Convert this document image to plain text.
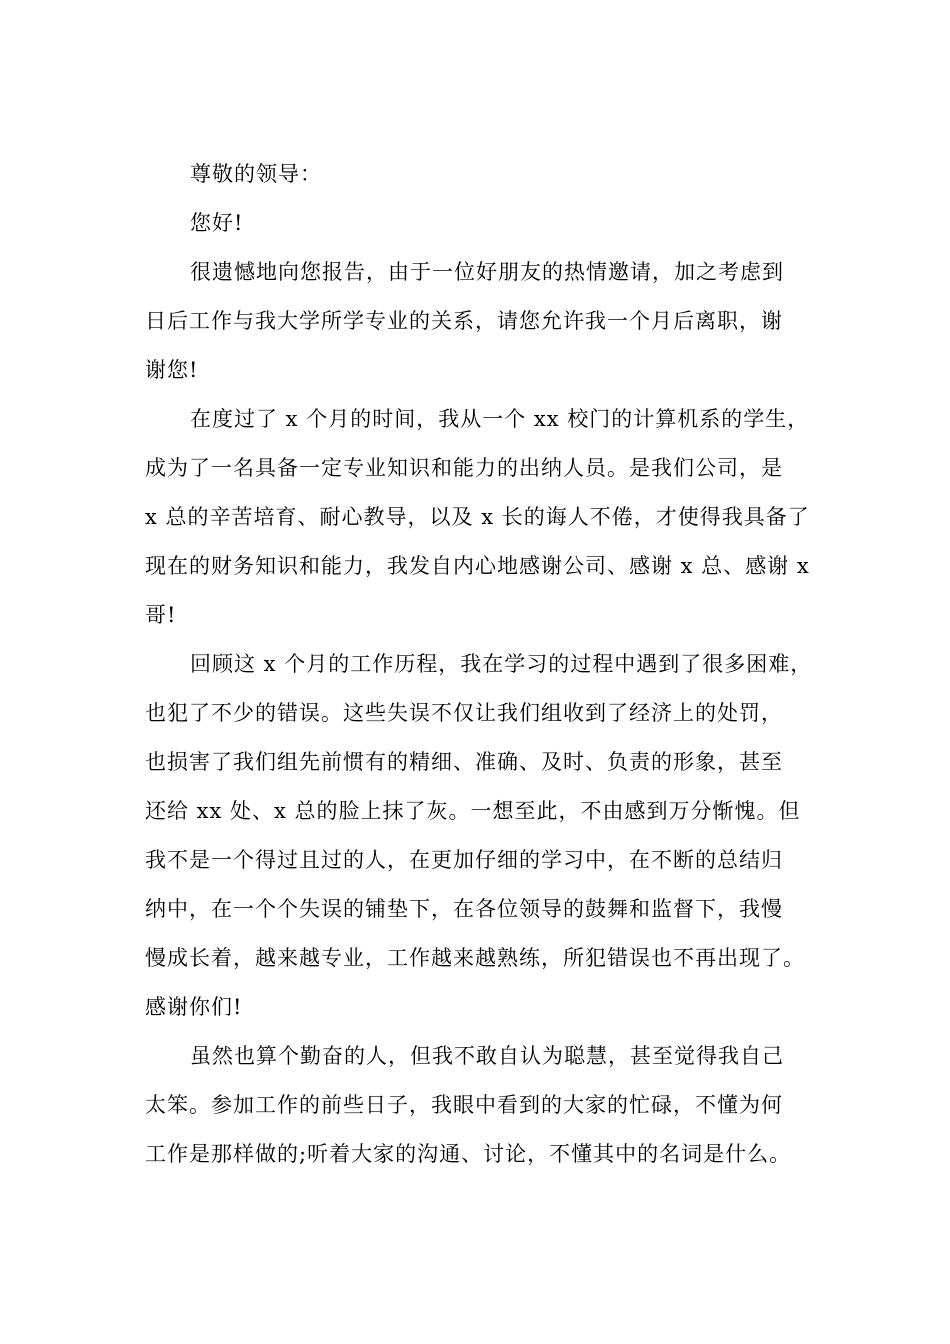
尊敬的领导：
您好!
很遗憾地向您报告，由于一位好朋友的热情邀请，加之考虑到
日后工作与我大学所学专业的关系，请您允许我一个月后离职，谢
谢您!
在度过了 x 个月的时间，我从一个 xx 校门的计算机系的学生，
成为了一名具备一定专业知识和能力的出纳人员。是我们公司，是
x 总的辛苦培育、耐心教导，以及 x 长的诲人不倦，才使得我具备了
现在的财务知识和能力，我发自内心地感谢公司、感谢 x 总、感谢 x
哥!
回顾这 x 个月的工作历程，我在学习的过程中遇到了很多困难，
也犯了不少的错误。这些失误不仅让我们组收到了经济上的处罚，
也损害了我们组先前惯有的精细、准确、及时、负责的形象，甚至
还给 xx 处、x 总的脸上抹了灰。一想至此，不由感到万分惭愧。但
我不是一个得过且过的人，在更加仔细的学习中，在不断的总结归
纳中，在一个个失误的铺垫下，在各位领导的鼓舞和监督下，我慢
慢成长着，越来越专业，工作越来越熟练，所犯错误也不再出现了。
感谢你们!
虽然也算个勤奋的人，但我不敢自认为聪慧，甚至觉得我自己
太笨。参加工作的前些日子，我眼中看到的大家的忙碌，不懂为何
工作是那样做的;听着大家的沟通、讨论，不懂其中的名词是什么。
